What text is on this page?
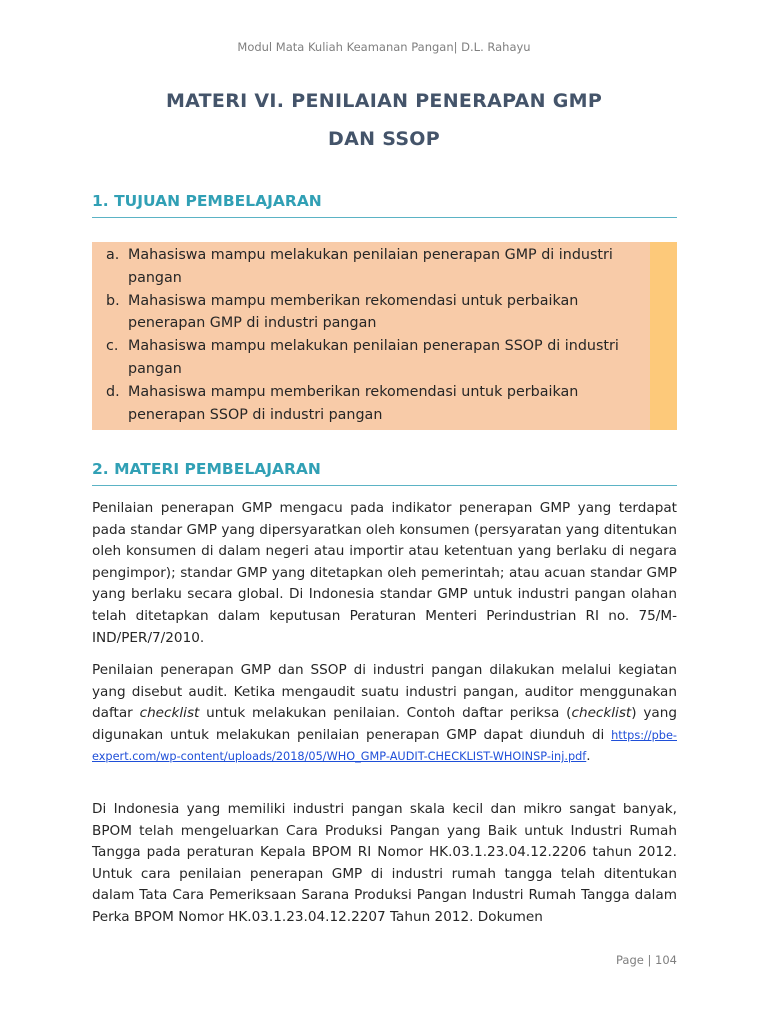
Modul Mata Kuliah Keamanan Pangan| D.L. Rahayu
MATERI VI. PENILAIAN PENERAPAN GMP
DAN SSOP
1. TUJUAN PEMBELAJARAN
a. Mahasiswa mampu melakukan penilaian penerapan GMP di industri pangan
b. Mahasiswa mampu memberikan rekomendasi untuk perbaikan penerapan GMP di industri pangan
c. Mahasiswa mampu melakukan penilaian penerapan SSOP di industri pangan
d. Mahasiswa mampu memberikan rekomendasi untuk perbaikan penerapan SSOP di industri pangan
2. MATERI PEMBELAJARAN

Penilaian penerapan GMP mengacu pada indikator penerapan GMP yang terdapat pada standar GMP yang dipersyaratkan oleh konsumen (persyaratan yang ditentukan oleh konsumen di dalam negeri atau importir atau ketentuan yang berlaku di negara pengimpor); standar GMP yang ditetapkan oleh pemerintah; atau acuan standar GMP yang berlaku secara global. Di Indonesia standar GMP untuk industri pangan olahan telah ditetapkan dalam keputusan Peraturan Menteri Perindustrian RI no. 75/M-IND/PER/7/2010.

Penilaian penerapan GMP dan SSOP di industri pangan dilakukan melalui kegiatan yang disebut audit. Ketika mengaudit suatu industri pangan, auditor menggunakan daftar checklist untuk melakukan penilaian. Contoh daftar periksa (checklist) yang digunakan untuk melakukan penilaian penerapan GMP dapat diunduh di https://pbe-expert.com/wp-content/uploads/2018/05/WHO_GMP-AUDIT-CHECKLIST-WHOINSP-inj.pdf.

Di Indonesia yang memiliki industri pangan skala kecil dan mikro sangat banyak, BPOM telah mengeluarkan Cara Produksi Pangan yang Baik untuk Industri Rumah Tangga pada peraturan Kepala BPOM RI Nomor HK.03.1.23.04.12.2206 tahun 2012. Untuk cara penilaian penerapan GMP di industri rumah tangga telah ditentukan dalam Tata Cara Pemeriksaan Sarana Produksi Pangan Industri Rumah Tangga dalam Perka BPOM Nomor HK.03.1.23.04.12.2207 Tahun 2012. Dokumen

Page | 104
